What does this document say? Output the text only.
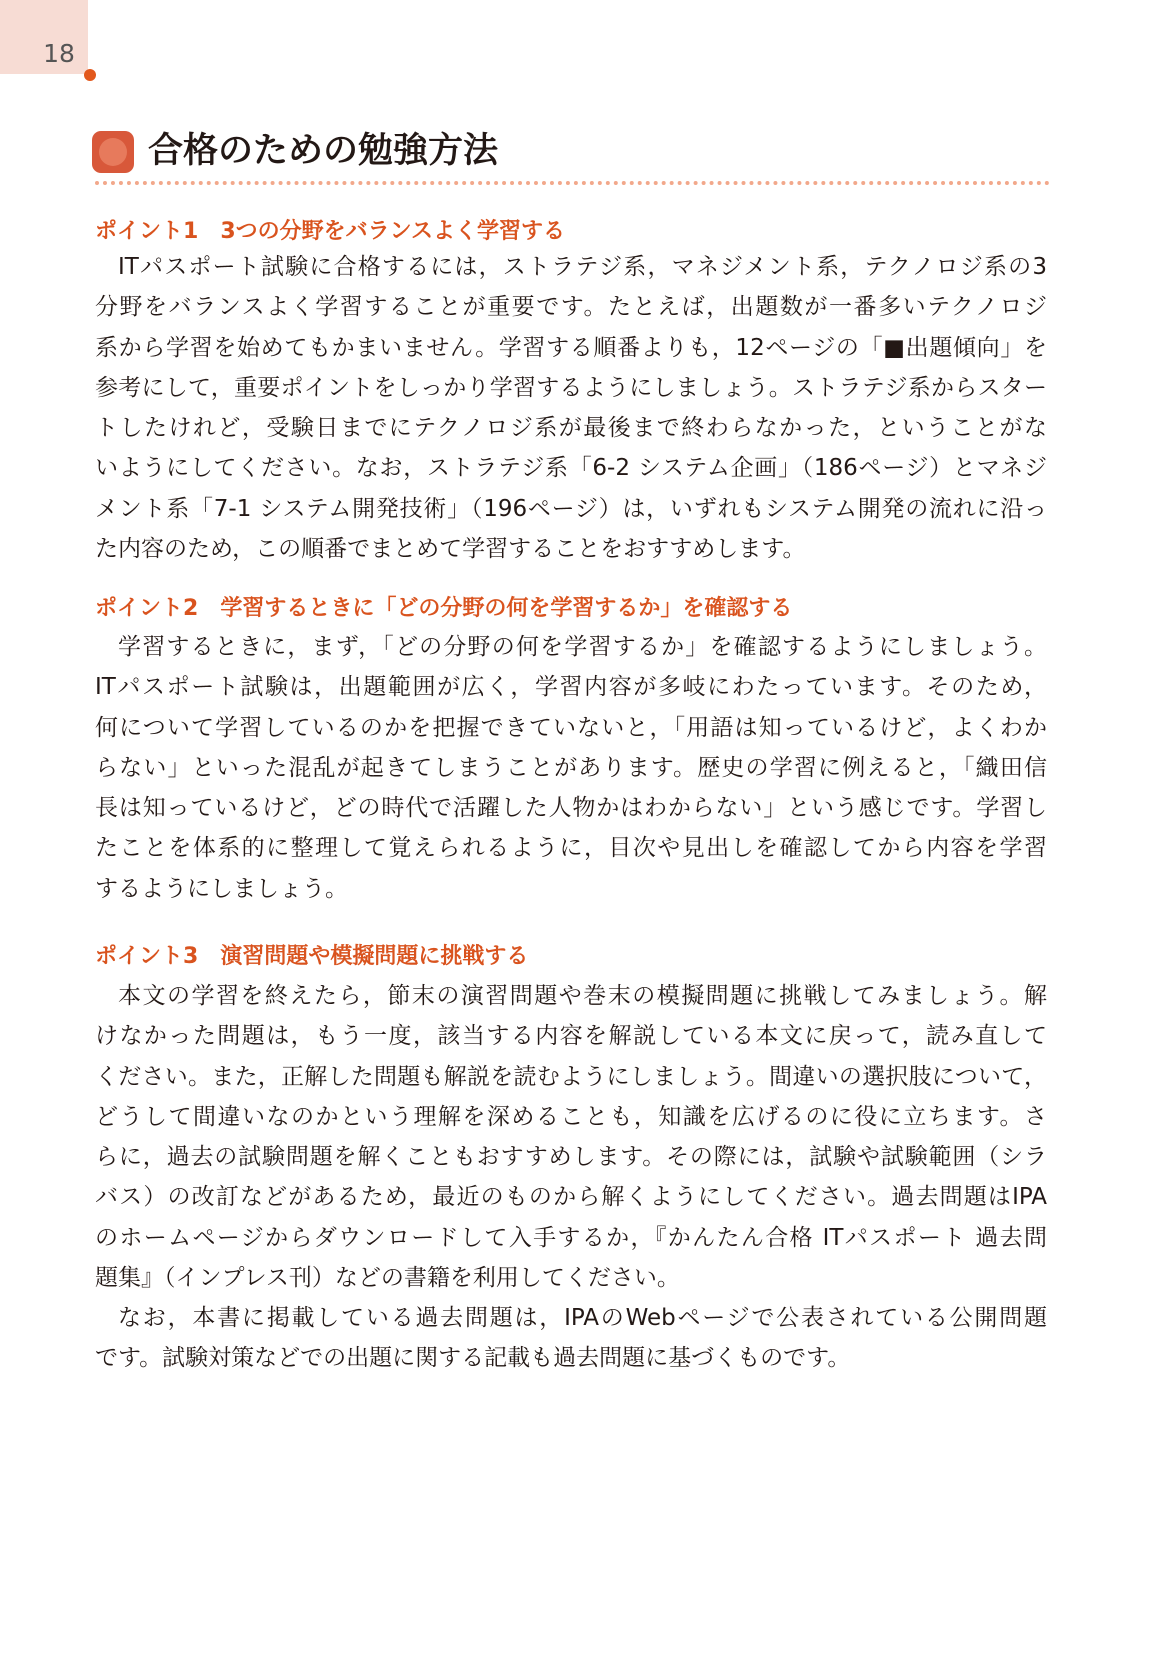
18
合格のための勉強方法
ポイント1 3つの分野をバランスよく学習する
ITパスポート試験に合格するには，ストラテジ系，マネジメント系，テクノロジ系の3
分野をバランスよく学習することが重要です。たとえば，出題数が一番多いテクノロジ
系から学習を始めてもかまいません。学習する順番よりも，12ページの「■出題傾向」を
参考にして，重要ポイントをしっかり学習するようにしましょう。ストラテジ系からスター
トしたけれど，受験日までにテクノロジ系が最後まで終わらなかった，ということがな
いようにしてください。なお，ストラテジ系「6-2 システム企画」（186ページ）とマネジ
メント系「7-1 システム開発技術」（196ページ）は，いずれもシステム開発の流れに沿っ
た内容のため，この順番でまとめて学習することをおすすめします。
ポイント2 学習するときに「どの分野の何を学習するか」を確認する
学習するときに，まず，「どの分野の何を学習するか」を確認するようにしましょう。
ITパスポート試験は，出題範囲が広く，学習内容が多岐にわたっています。そのため，
何について学習しているのかを把握できていないと，「用語は知っているけど，よくわか
らない」といった混乱が起きてしまうことがあります。歴史の学習に例えると，「織田信
長は知っているけど，どの時代で活躍した人物かはわからない」という感じです。学習し
たことを体系的に整理して覚えられるように，目次や見出しを確認してから内容を学習
するようにしましょう。
ポイント3 演習問題や模擬問題に挑戦する
本文の学習を終えたら，節末の演習問題や巻末の模擬問題に挑戦してみましょう。解
けなかった問題は，もう一度，該当する内容を解説している本文に戻って，読み直して
ください。また，正解した問題も解説を読むようにしましょう。間違いの選択肢について，
どうして間違いなのかという理解を深めることも，知識を広げるのに役に立ちます。さ
らに，過去の試験問題を解くこともおすすめします。その際には，試験や試験範囲（シラ
バス）の改訂などがあるため，最近のものから解くようにしてください。過去問題はIPA
のホームページからダウンロードして入手するか，『かんたん合格 ITパスポート 過去問
題集』（インプレス刊）などの書籍を利用してください。
なお，本書に掲載している過去問題は，IPAのWebページで公表されている公開問題
です。試験対策などでの出題に関する記載も過去問題に基づくものです。
